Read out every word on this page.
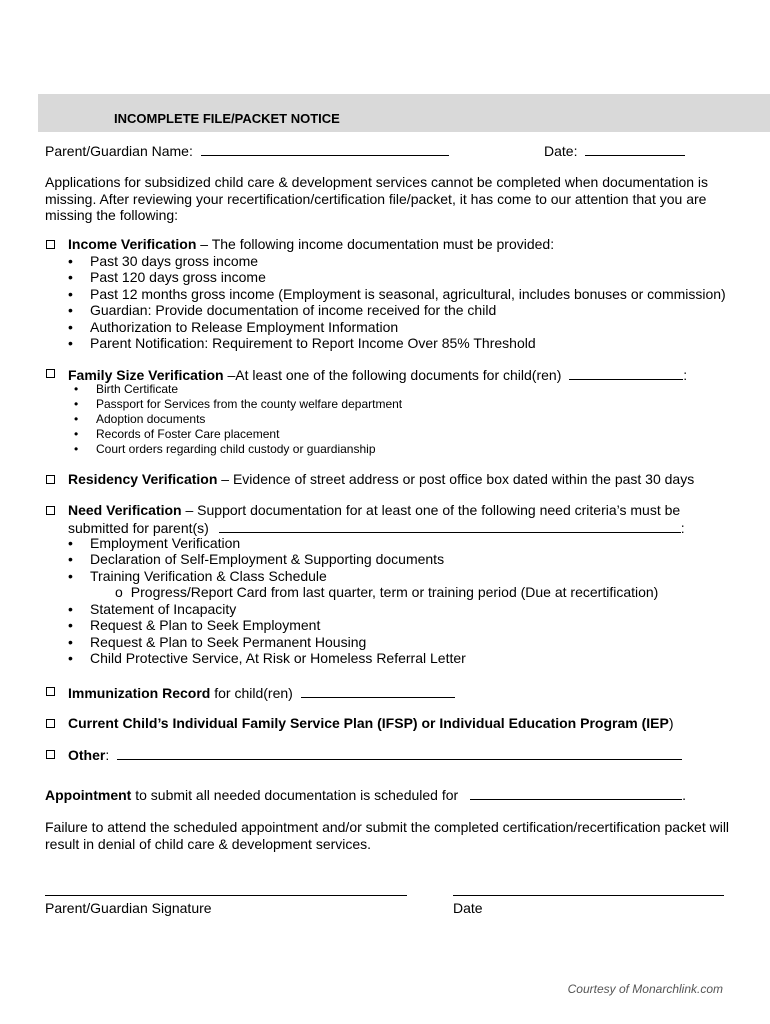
INCOMPLETE FILE/PACKET NOTICE
Parent/Guardian Name:	Date:
Applications for subsidized child care & development services cannot be completed when documentation is missing. After reviewing your recertification/certification file/packet, it has come to our attention that you are missing the following:
Income Verification – The following income documentation must be provided:
• Past 30 days gross income
• Past 120 days gross income
• Past 12 months gross income (Employment is seasonal, agricultural, includes bonuses or commission)
• Guardian: Provide documentation of income received for the child
• Authorization to Release Employment Information
• Parent Notification: Requirement to Report Income Over 85% Threshold
Family Size Verification –At least one of the following documents for child(ren)	:
• Birth Certificate
• Passport for Services from the county welfare department
• Adoption documents
• Records of Foster Care placement
• Court orders regarding child custody or guardianship
Residency Verification – Evidence of street address or post office box dated within the past 30 days
Need Verification – Support documentation for at least one of the following need criteria’s must be
submitted for parent(s)	:
• Employment Verification
• Declaration of Self-Employment & Supporting documents
• Training Verification & Class Schedule
o Progress/Report Card from last quarter, term or training period (Due at recertification)
• Statement of Incapacity
• Request & Plan to Seek Employment
• Request & Plan to Seek Permanent Housing
• Child Protective Service, At Risk or Homeless Referral Letter
Immunization Record for child(ren)
Current Child’s Individual Family Service Plan (IFSP) or Individual Education Program (IEP)
Other:
Appointment to submit all needed documentation is scheduled for	.
Failure to attend the scheduled appointment and/or submit the completed certification/recertification packet will result in denial of child care & development services.
Parent/Guardian Signature	Date
Courtesy of Monarchlink.com
